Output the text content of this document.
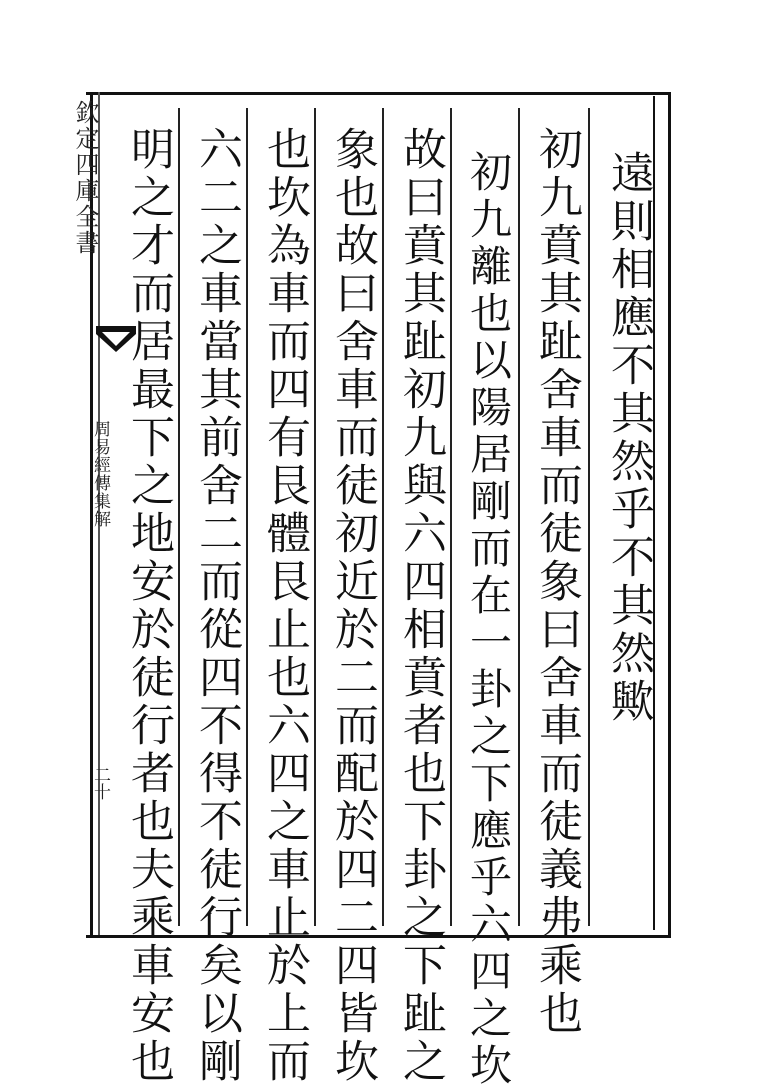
欽定四庫全書
周易經傳集解
二十
遠則相應不其然乎不其然歟
初九賁其趾舍車而徒象曰舍車而徒義弗乘也
初九離也以陽居剛而在一卦之下應乎六四之坎
故曰賁其趾初九與六四相賁者也下卦之下趾之
象也故曰舍車而徒初近於二而配於四二四皆坎
也坎為車而四有艮體艮止也六四之車止於上而
六二之車當其前舍二而從四不得不徒行矣以剛
明之才而居最下之地安於徒行者也夫乘車安也
